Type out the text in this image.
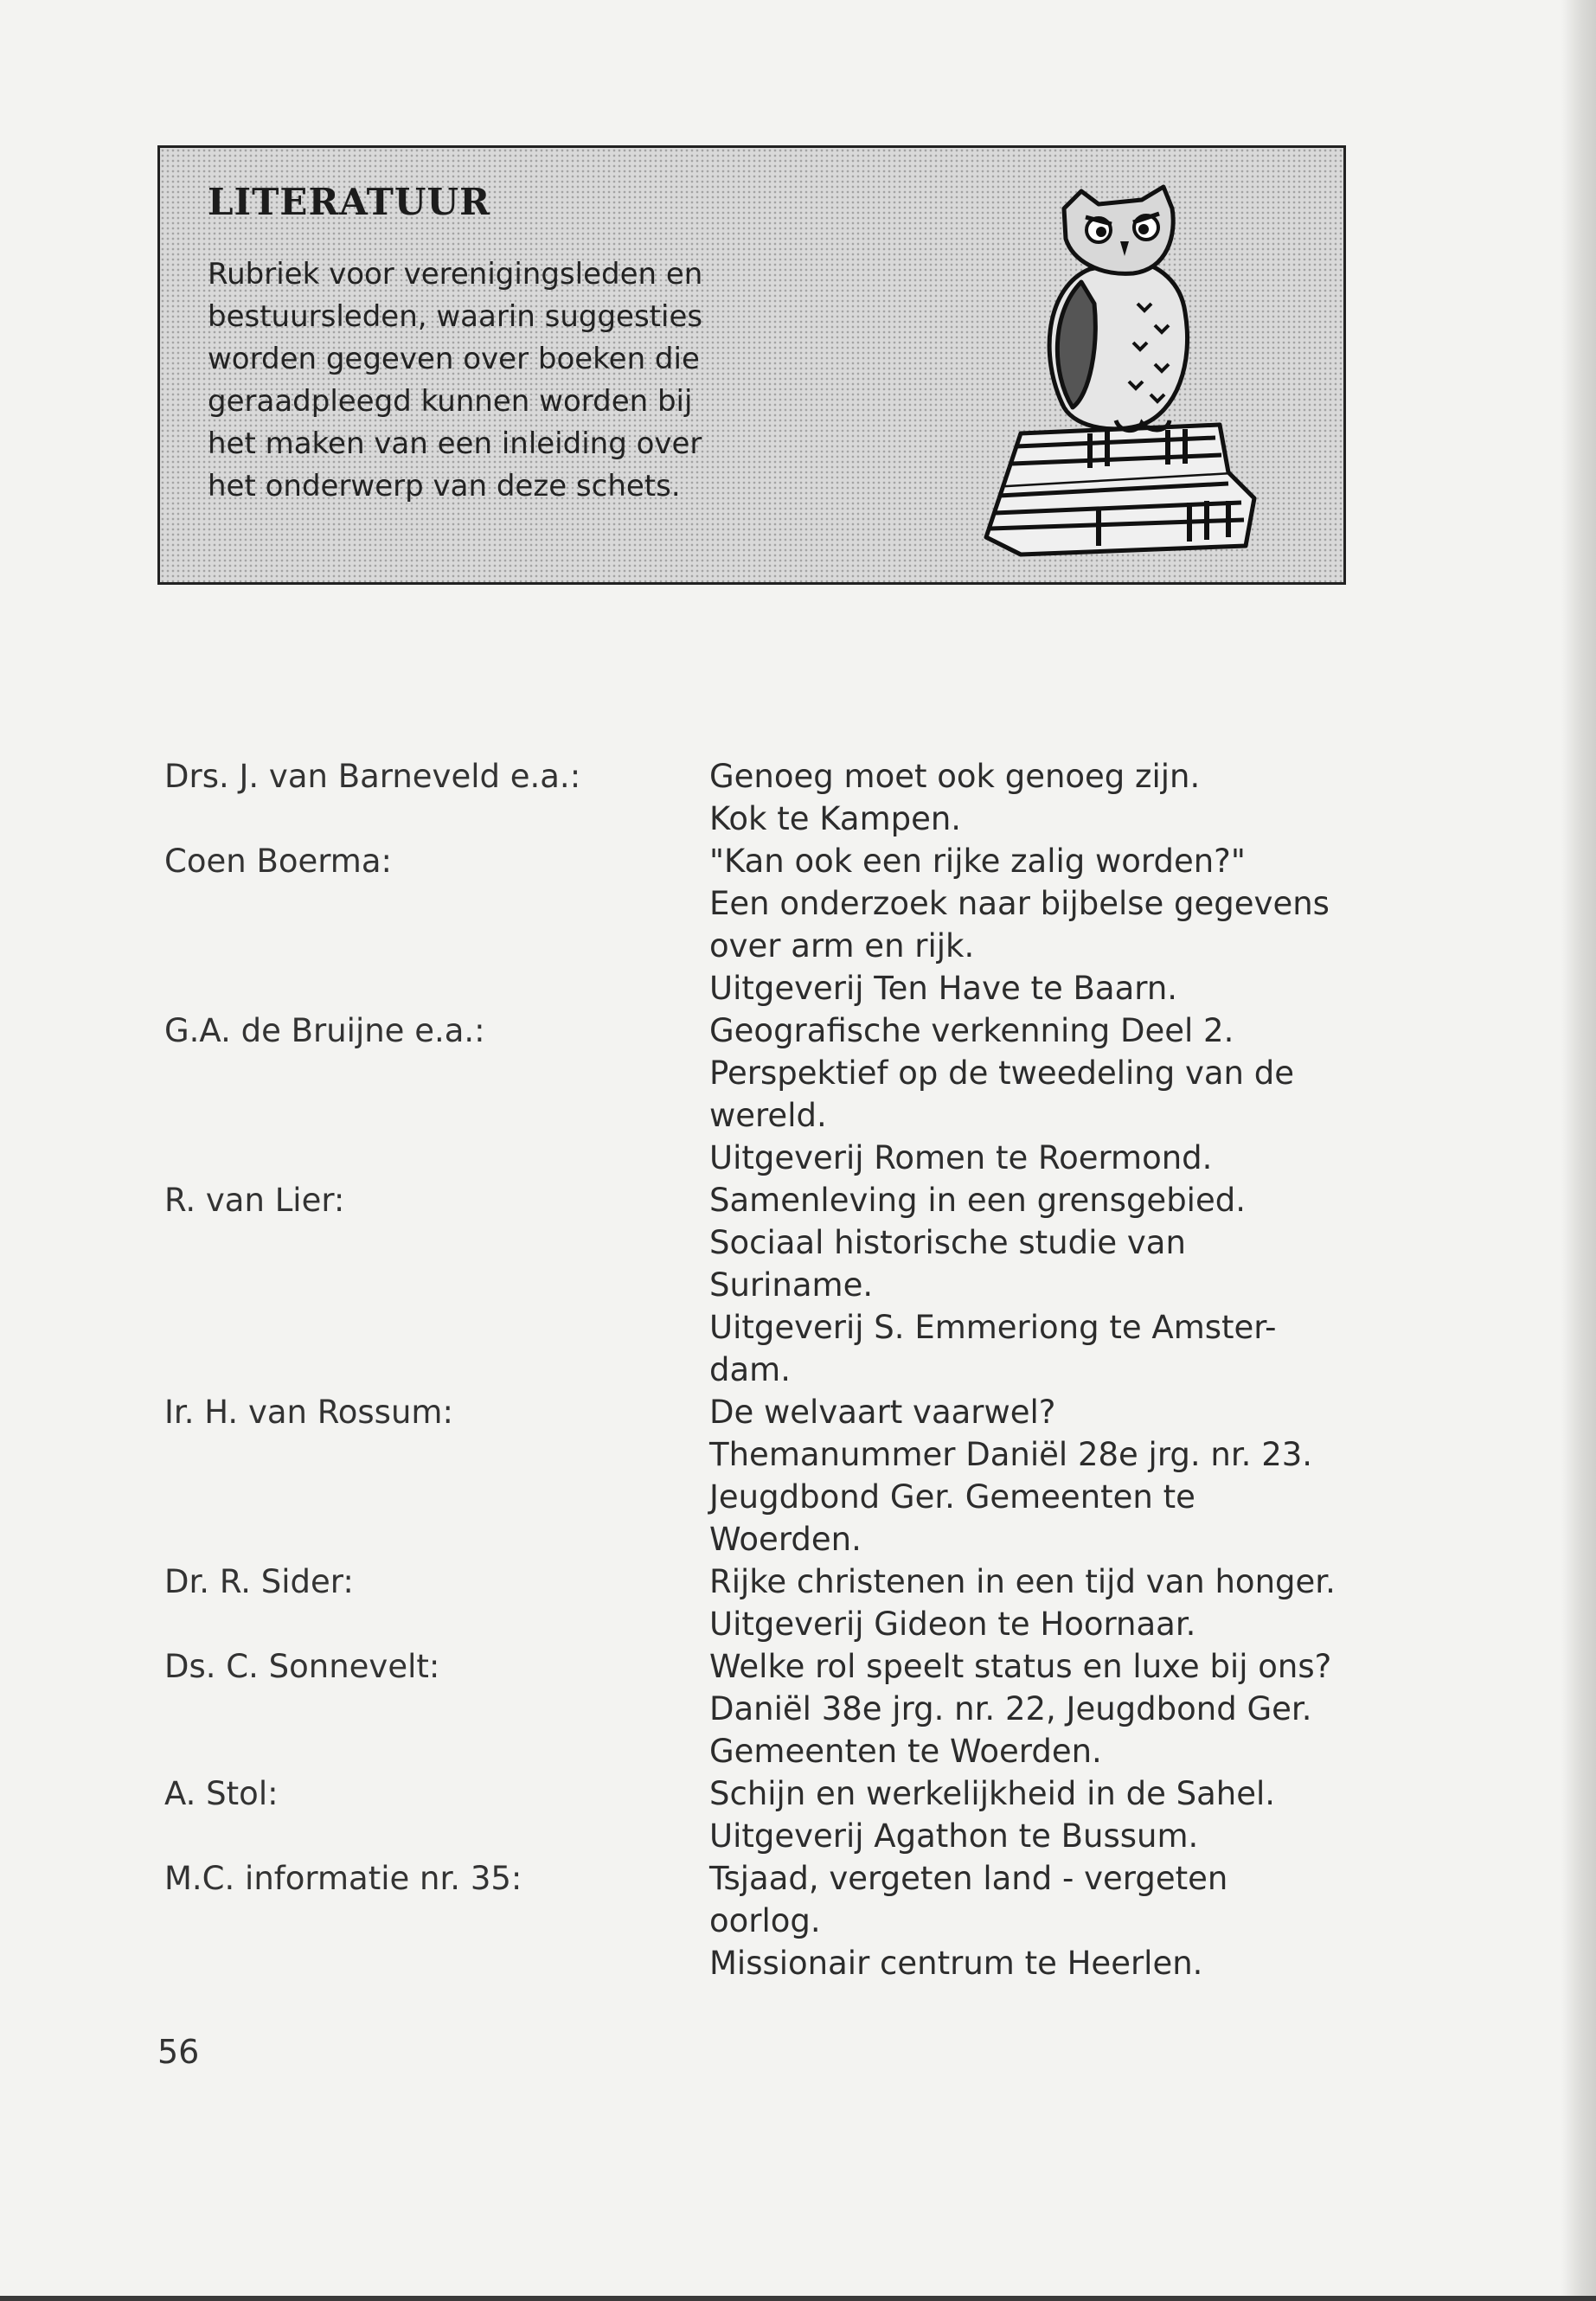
LITERATUUR

Rubriek voor verenigingsleden en bestuursleden, waarin suggesties worden gegeven over boeken die geraadpleegd kunnen worden bij het maken van een inleiding over het onderwerp van deze schets.

Drs. J. van Barneveld e.a.:	Genoeg moet ook genoeg zijn.
Kok te Kampen.

Coen Boerma:	"Kan ook een rijke zalig worden?"
Een onderzoek naar bijbelse gegevens
over arm en rijk.
Uitgeverij Ten Have te Baarn.

G.A. de Bruijne e.a.:	Geografische verkenning Deel 2.
Perspektief op de tweedeling van de
wereld.
Uitgeverij Romen te Roermond.

R. van Lier:	Samenleving in een grensgebied.
Sociaal historische studie van
Suriname.
Uitgeverij S. Emmeriong te Amster-
dam.

Ir. H. van Rossum:	De welvaart vaarwel?
Themanummer Daniël 28e jrg. nr. 23.
Jeugdbond Ger. Gemeenten te
Woerden.

Dr. R. Sider:	Rijke christenen in een tijd van honger.
Uitgeverij Gideon te Hoornaar.

Ds. C. Sonnevelt:	Welke rol speelt status en luxe bij ons?
Daniël 38e jrg. nr. 22, Jeugdbond Ger.
Gemeenten te Woerden.

A. Stol:	Schijn en werkelijkheid in de Sahel.
Uitgeverij Agathon te Bussum.

M.C. informatie nr. 35:	Tsjaad, vergeten land - vergeten
oorlog.
Missionair centrum te Heerlen.

56
